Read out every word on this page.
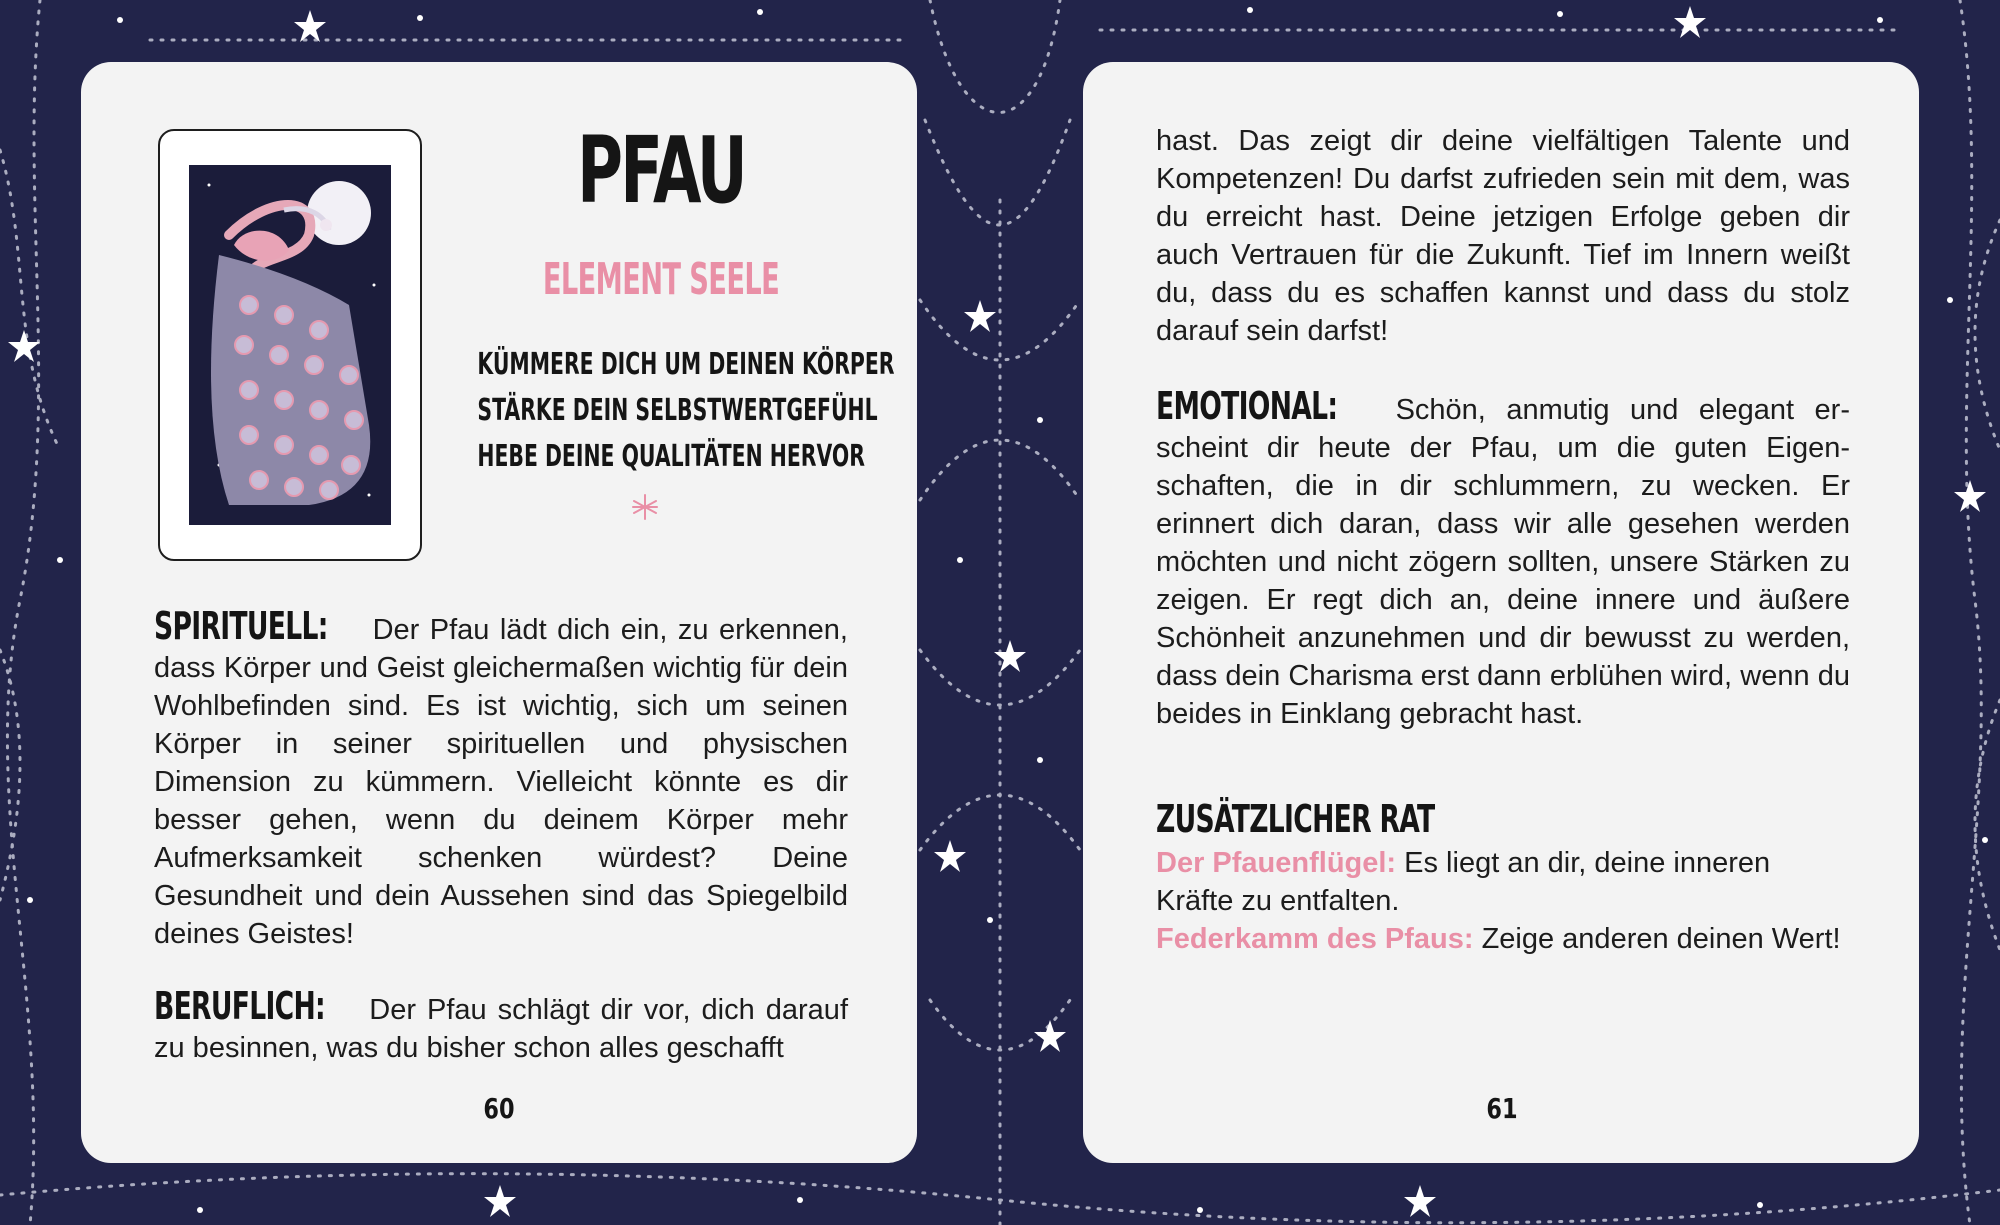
PFAU
ELEMENT SEELE
KÜMMERE DICH UM DEINEN KÖRPER
STÄRKE DEIN SELBSTWERTGEFÜHL
HEBE DEINE QUALITÄTEN HERVOR
SPIRITUELL: Der Pfau lädt dich ein, zu erkennen, dass Körper und Geist gleichermaßen wichtig für dein Wohlbefinden sind. Es ist wichtig, sich um seinen Körper in seiner spirituellen und physischen Dimension zu kümmern. Vielleicht könnte es dir besser gehen, wenn du deinem Körper mehr Aufmerksamkeit schenken würdest? Deine Gesundheit und dein Aussehen sind das Spiegelbild deines Geistes!
BERUFLICH: Der Pfau schlägt dir vor, dich darauf zu besinnen, was du bisher schon alles geschafft
60
hast. Das zeigt dir deine vielfältigen Talente und Kompetenzen! Du darfst zufrieden sein mit dem, was du erreicht hast. Deine jetzigen Erfolge geben dir auch Vertrauen für die Zukunft. Tief im Innern weißt du, dass du es schaffen kannst und dass du stolz darauf sein darfst!
EMOTIONAL: Schön, anmutig und elegant erscheint dir heute der Pfau, um die guten Eigenschaften, die in dir schlummern, zu wecken. Er erinnert dich daran, dass wir alle gesehen werden möchten und nicht zögern sollten, unsere Stärken zu zeigen. Er regt dich an, deine innere und äußere Schönheit anzunehmen und dir bewusst zu werden, dass dein Charisma erst dann erblühen wird, wenn du beides in Einklang gebracht hast.
ZUSÄTZLICHER RAT

Der Pfauenflügel: Es liegt an dir, deine inneren Kräfte zu entfalten.

Federkamm des Pfaus: Zeige anderen deinen Wert!

61
